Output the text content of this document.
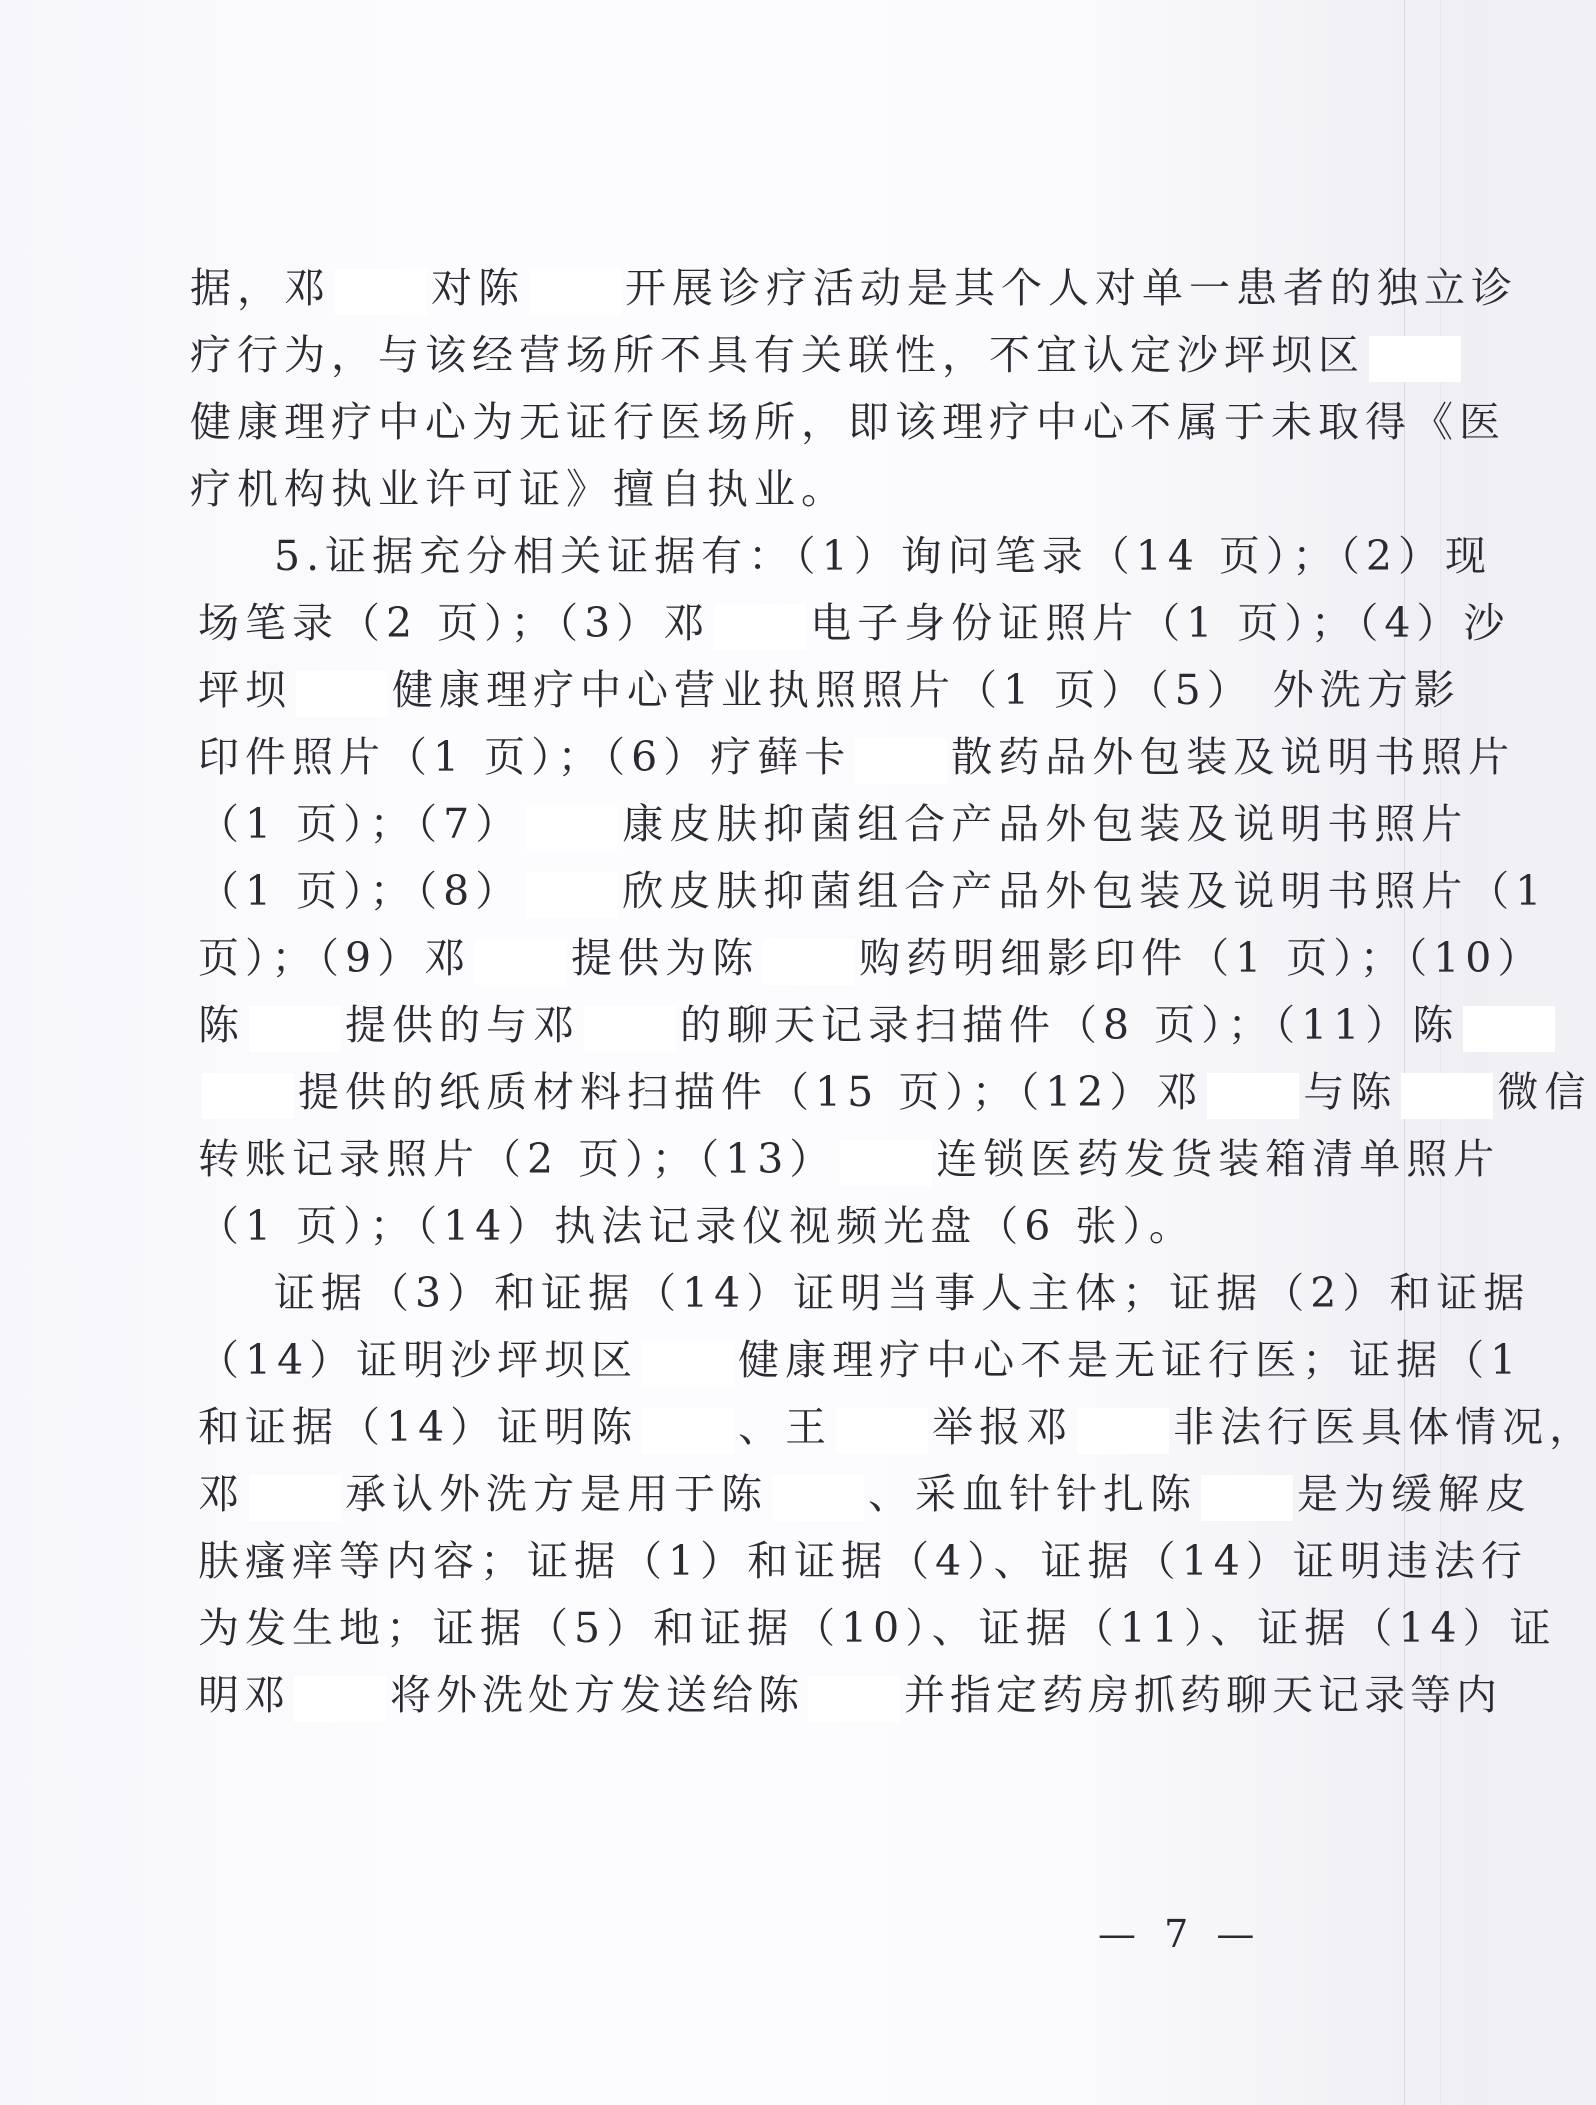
据，邓 对陈 开展诊疗活动是其个人对单一患者的独立诊
疗行为，与该经营场所不具有关联性，不宜认定沙坪坝区
健康理疗中心为无证行医场所，即该理疗中心不属于未取得《医
疗机构执业许可证》擅自执业。
5.证据充分相关证据有：（1）询问笔录（14 页）；（2）现
场笔录（2 页）；（3）邓 电子身份证照片（1 页）；（4）沙
坪坝 健康理疗中心营业执照照片（1 页）（5） 外洗方影
印件照片（1 页）；（6）疗藓卡 散药品外包装及说明书照片
（1 页）；（7） 康皮肤抑菌组合产品外包装及说明书照片
（1 页）；（8） 欣皮肤抑菌组合产品外包装及说明书照片（1
页）；（9）邓 提供为陈 购药明细影印件（1 页）；（10）
陈 提供的与邓 的聊天记录扫描件（8 页）；（11）陈
提供的纸质材料扫描件（15 页）；（12）邓 与陈 微信
转账记录照片（2 页）；（13） 连锁医药发货装箱清单照片
（1 页）；（14）执法记录仪视频光盘（6 张）。
证据（3）和证据（14）证明当事人主体；证据（2）和证据
（14）证明沙坪坝区 健康理疗中心不是无证行医；证据（1
和证据（14）证明陈 、王 举报邓 非法行医具体情况，
邓 承认外洗方是用于陈 、采血针针扎陈 是为缓解皮
肤瘙痒等内容；证据（1）和证据（4）、证据（14）证明违法行
为发生地；证据（5）和证据（10）、证据（11）、证据（14）证
明邓 将外洗处方发送给陈 并指定药房抓药聊天记录等内
— 7 —
